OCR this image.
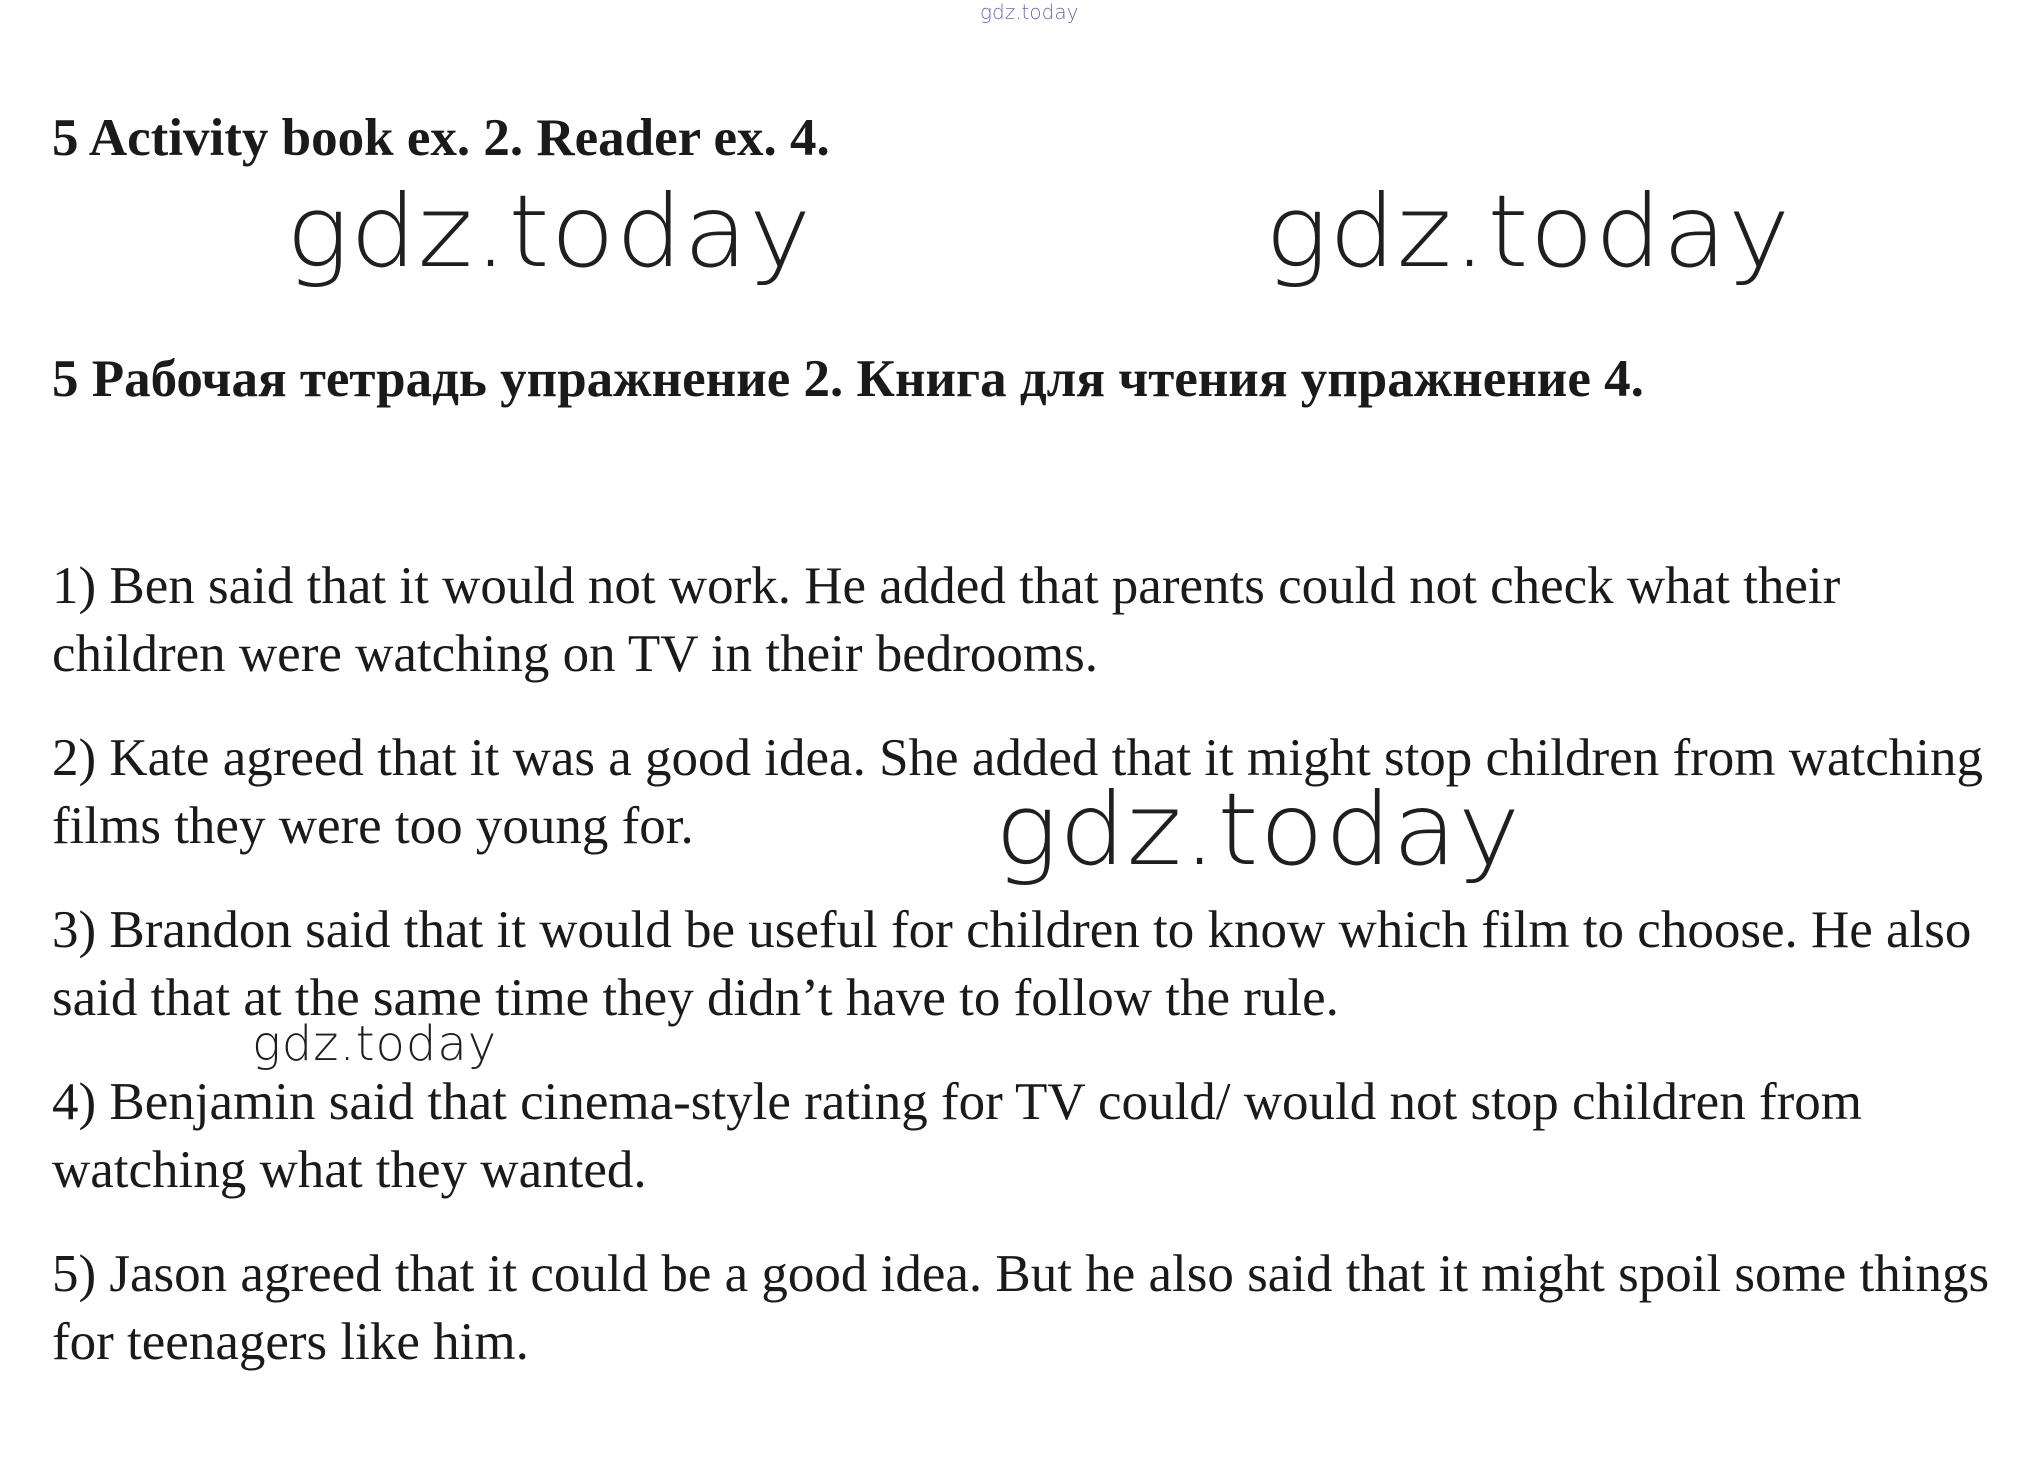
gdz.today
5 Activity book ex. 2. Reader ex. 4.
gdz.today	gdz.today
5 Рабочая тетрадь упражнение 2. Книга для чтения упражнение 4.

1) Ben said that it would not work. He added that parents could not check what their children were watching on TV in their bedrooms.

2) Kate agreed that it was a good idea. She added that it might stop children from watching films they were too young for.

3) Brandon said that it would be useful for children to know which film to choose. He also said that at the same time they didn’t have to follow the rule.

4) Benjamin said that cinema-style rating for TV could/ would not stop children from watching what they wanted.

5) Jason agreed that it could be a good idea. But he also said that it might spoil some things for teenagers like him.

gdz.today
gdz.today
